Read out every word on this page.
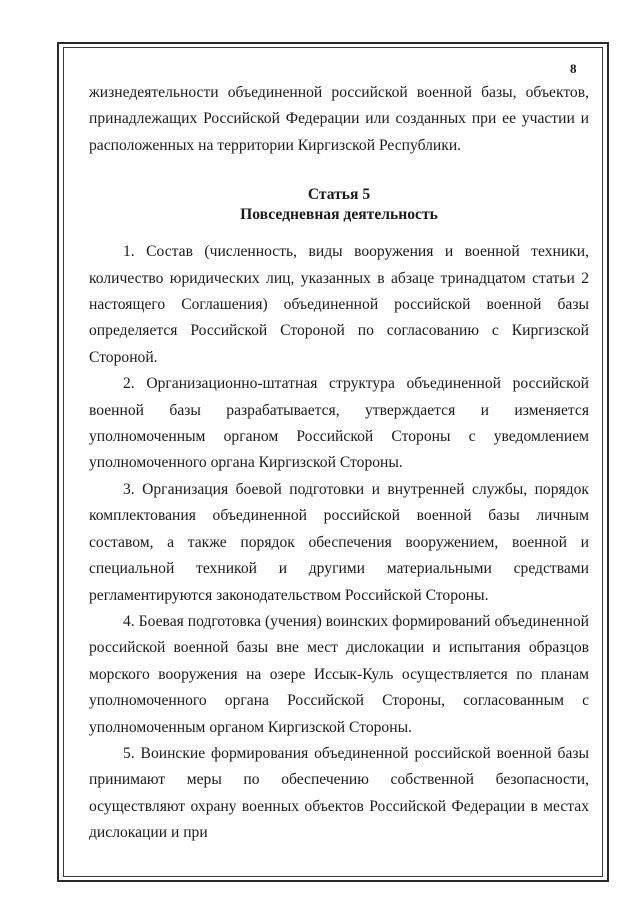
8

жизнедеятельности объединенной российской военной базы, объектов, принадлежащих Российской Федерации или созданных при ее участии и расположенных на территории Киргизской Республики.

Статья 5
Повседневная деятельность

1. Состав (численность, виды вооружения и военной техники, количество юридических лиц, указанных в абзаце тринадцатом статьи 2 настоящего Соглашения) объединенной российской военной базы определяется Российской Стороной по согласованию с Киргизской Стороной.

2. Организационно-штатная структура объединенной российской военной базы разрабатывается, утверждается и изменяется уполномоченным органом Российской Стороны с уведомлением уполномоченного органа Киргизской Стороны.

3. Организация боевой подготовки и внутренней службы, порядок комплектования объединенной российской военной базы личным составом, а также порядок обеспечения вооружением, военной и специальной техникой и другими материальными средствами регламентируются законодательством Российской Стороны.

4. Боевая подготовка (учения) воинских формирований объединенной российской военной базы вне мест дислокации и испытания образцов морского вооружения на озере Иссык-Куль осуществляется по планам уполномоченного органа Российской Стороны, согласованным с уполномоченным органом Киргизской Стороны.

5. Воинские формирования объединенной российской военной базы принимают меры по обеспечению собственной безопасности, осуществляют охрану военных объектов Российской Федерации в местах дислокации и при
